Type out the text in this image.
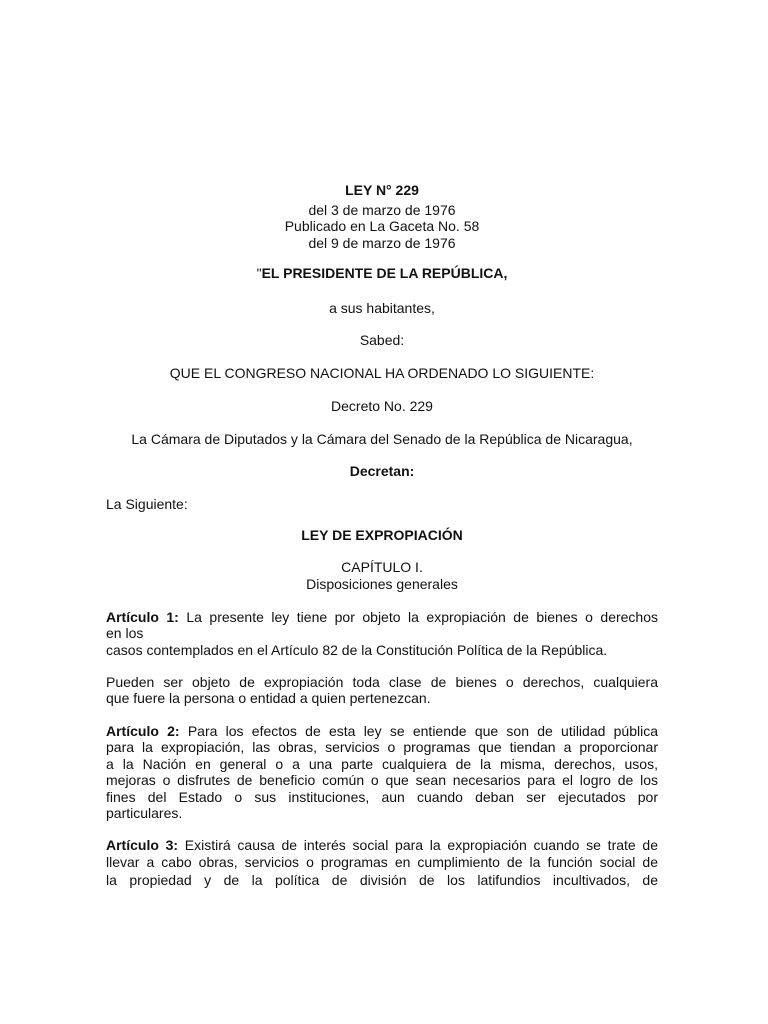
LEY N° 229
del 3 de marzo de 1976
Publicado en La Gaceta No. 58
del 9 de marzo de 1976
"EL PRESIDENTE DE LA REPÚBLICA,
a sus habitantes,
Sabed:
QUE EL CONGRESO NACIONAL HA ORDENADO LO SIGUIENTE:
Decreto No. 229
La Cámara de Diputados y la Cámara del Senado de la República de Nicaragua,
Decretan:
La Siguiente:
LEY DE EXPROPIACIÓN
CAPÍTULO I.
Disposiciones generales
Artículo 1: La presente ley tiene por objeto la expropiación de bienes o derechos
en los
casos contemplados en el Artículo 82 de la Constitución Política de la República.
Pueden ser objeto de expropiación toda clase de bienes o derechos, cualquiera
que fuere la persona o entidad a quien pertenezcan.
Artículo 2: Para los efectos de esta ley se entiende que son de utilidad pública
para la expropiación, las obras, servicios o programas que tiendan a proporcionar
a la Nación en general o a una parte cualquiera de la misma, derechos, usos,
mejoras o disfrutes de beneficio común o que sean necesarios para el logro de los
fines del Estado o sus instituciones, aun cuando deban ser ejecutados por
particulares.
Artículo 3: Existirá causa de interés social para la expropiación cuando se trate de
llevar a cabo obras, servicios o programas en cumplimiento de la función social de
la propiedad y de la política de división de los latifundios incultivados, de
